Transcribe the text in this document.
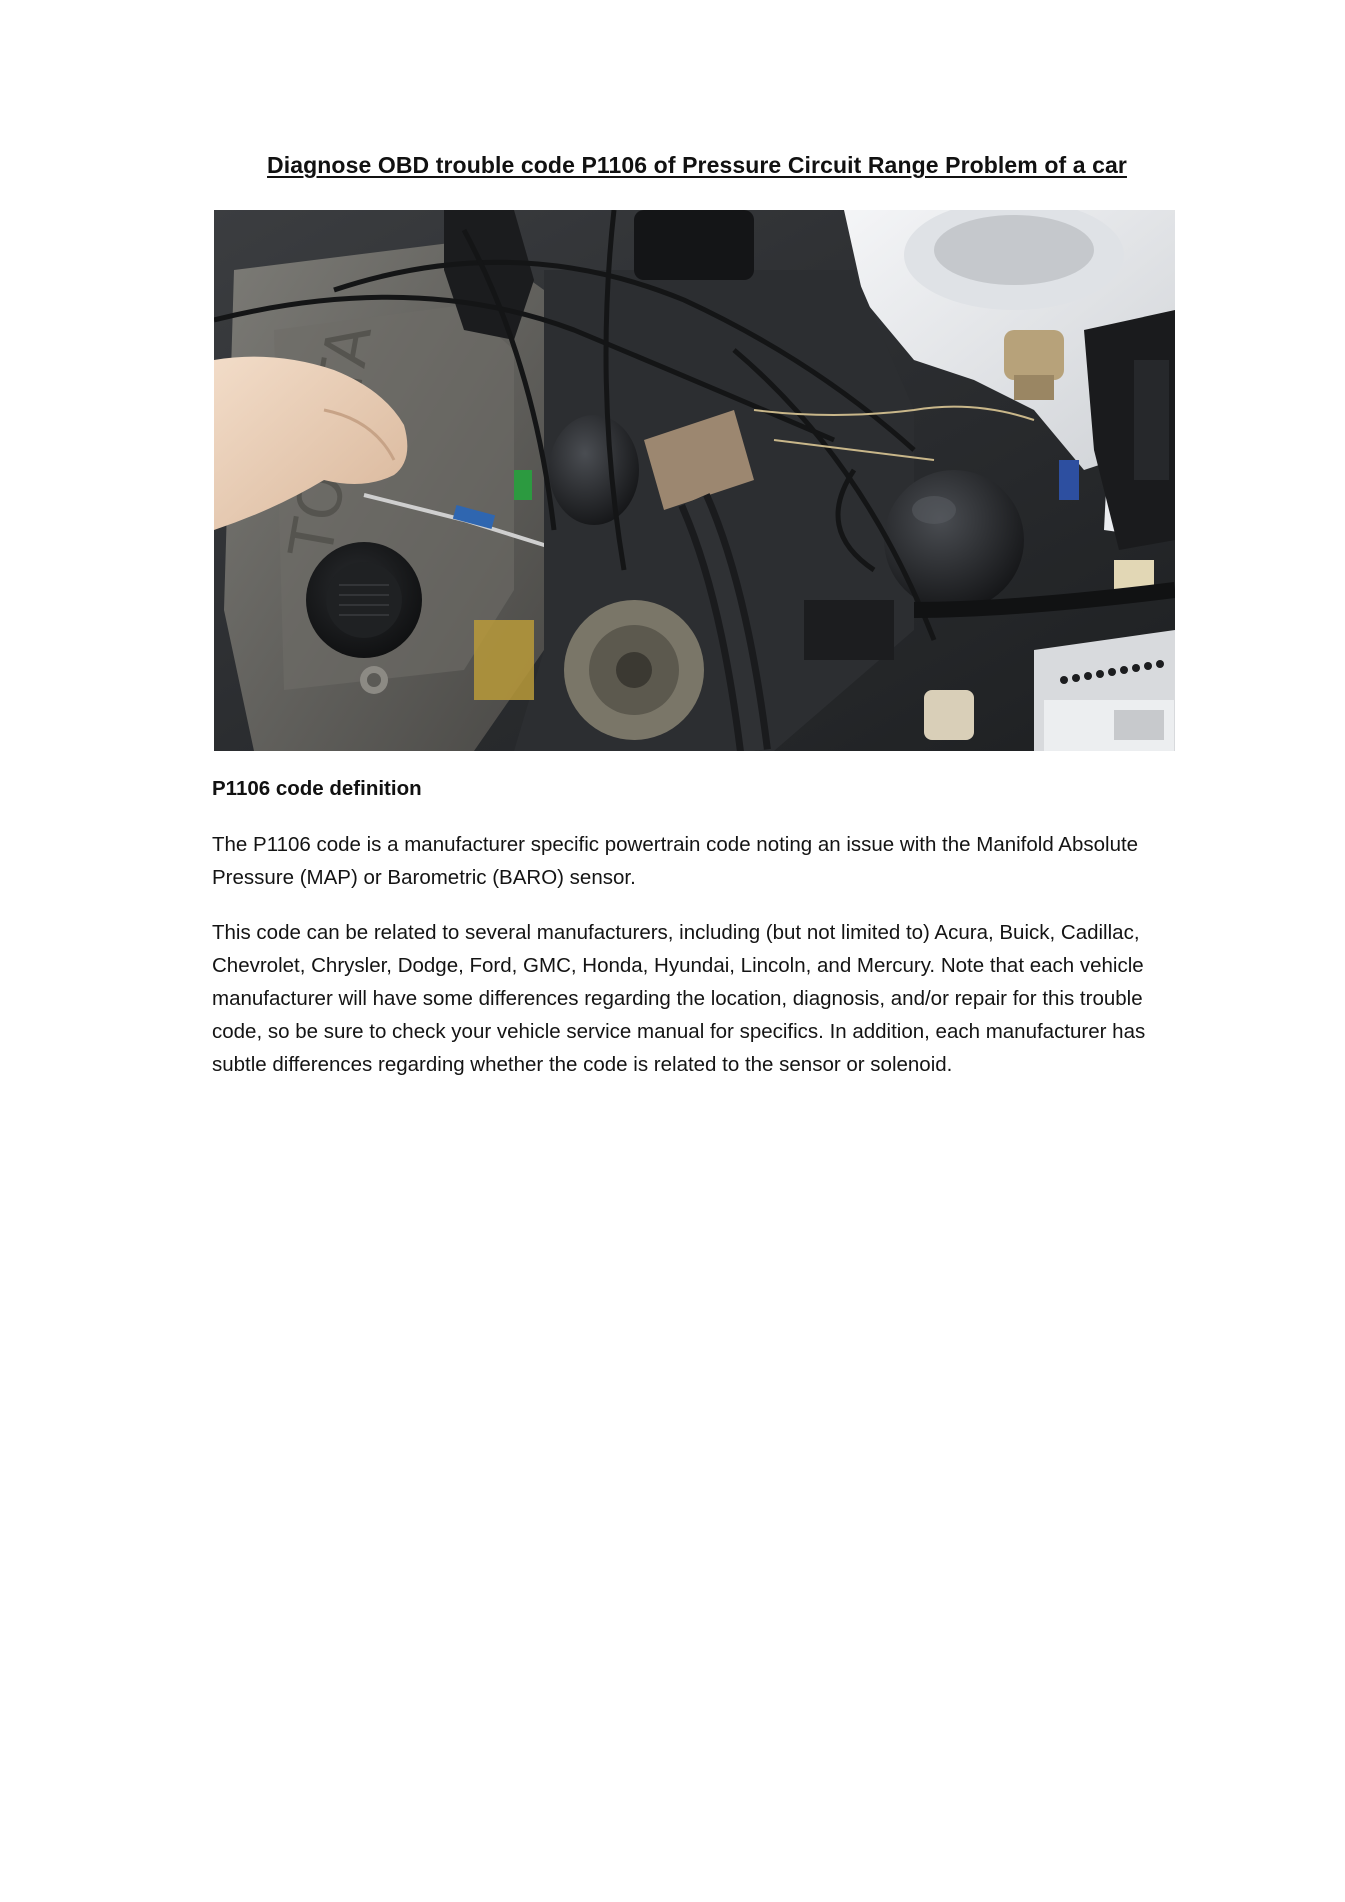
Diagnose OBD trouble code P1106 of Pressure Circuit Range Problem of a car
P1106 code definition

The P1106 code is a manufacturer specific powertrain code noting an issue with the Manifold Absolute Pressure (MAP) or Barometric (BARO) sensor.

This code can be related to several manufacturers, including (but not limited to) Acura, Buick, Cadillac, Chevrolet, Chrysler, Dodge, Ford, GMC, Honda, Hyundai, Lincoln, and Mercury. Note that each vehicle manufacturer will have some differences regarding the location, diagnosis, and/or repair for this trouble code, so be sure to check your vehicle service manual for specifics. In addition, each manufacturer has subtle differences regarding whether the code is related to the sensor or solenoid.
